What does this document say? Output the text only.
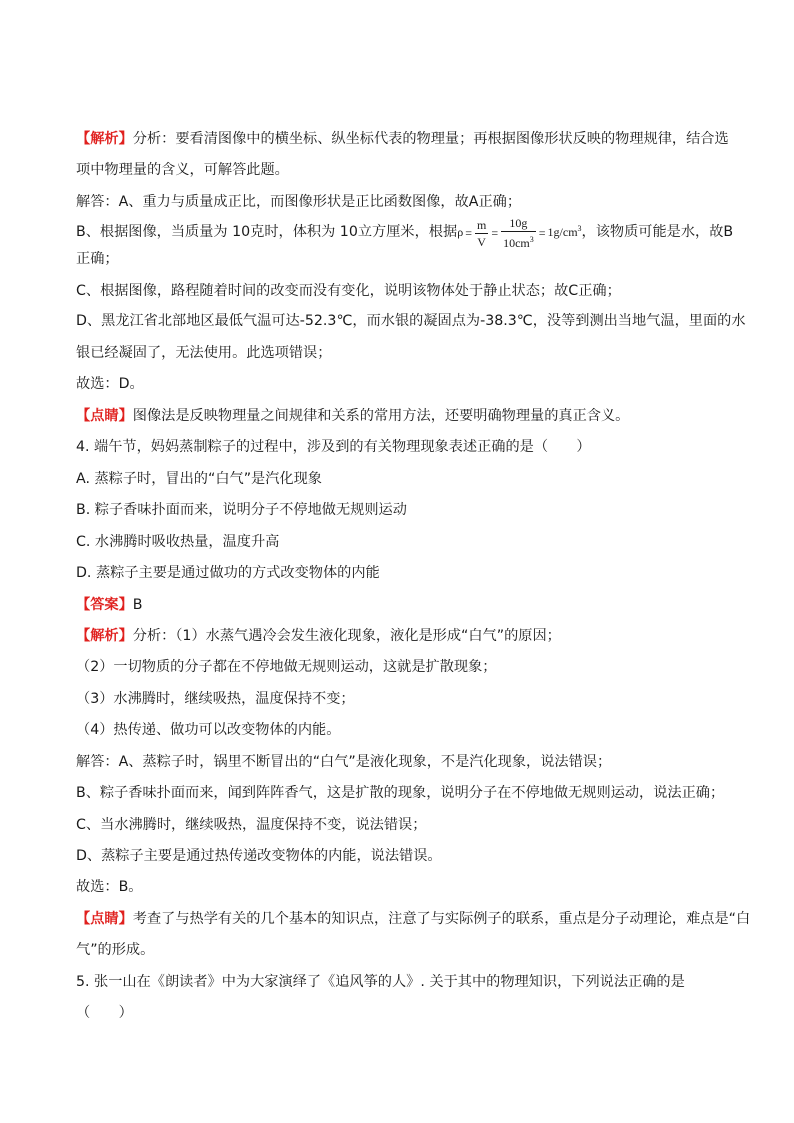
【解析】分析：要看清图像中的横坐标、纵坐标代表的物理量；再根据图像形状反映的物理规律，结合选
项中物理量的含义，可解答此题。
解答：A、重力与质量成正比，而图像形状是正比函数图像，故A正确；
B、根据图像，当质量为 10克时，体积为 10立方厘米，根据$\rho = \frac{m}{V} = \frac{10g}{10cm^3} = 1g/cm^3$，该物质可能是水，故B
正确；
C、根据图像，路程随着时间的改变而没有变化，说明该物体处于静止状态；故C正确；
D、黑龙江省北部地区最低气温可达-52.3℃，而水银的凝固点为-38.3℃，没等到测出当地气温，里面的水
银已经凝固了，无法使用。此选项错误；
故选：D。
【点睛】图像法是反映物理量之间规律和关系的常用方法，还要明确物理量的真正含义。
4. 端午节，妈妈蒸制粽子的过程中，涉及到的有关物理现象表述正确的是（　　）
A. 蒸粽子时，冒出的“白气”是汽化现象
B. 粽子香味扑面而来，说明分子不停地做无规则运动
C. 水沸腾时吸收热量，温度升高
D. 蒸粽子主要是通过做功的方式改变物体的内能
【答案】B
【解析】分析：（1）水蒸气遇冷会发生液化现象，液化是形成“白气”的原因；
（2）一切物质的分子都在不停地做无规则运动，这就是扩散现象；
（3）水沸腾时，继续吸热，温度保持不变；
（4）热传递、做功可以改变物体的内能。
解答：A、蒸粽子时，锅里不断冒出的“白气”是液化现象，不是汽化现象，说法错误；
B、粽子香味扑面而来，闻到阵阵香气，这是扩散的现象，说明分子在不停地做无规则运动，说法正确；
C、当水沸腾时，继续吸热，温度保持不变，说法错误；
D、蒸粽子主要是通过热传递改变物体的内能，说法错误。
故选：B。
【点睛】考查了与热学有关的几个基本的知识点，注意了与实际例子的联系，重点是分子动理论，难点是“白
气”的形成。
5. 张一山在《朗读者》中为大家演绎了《追风筝的人》. 关于其中的物理知识，下列说法正确的是
（　　）
